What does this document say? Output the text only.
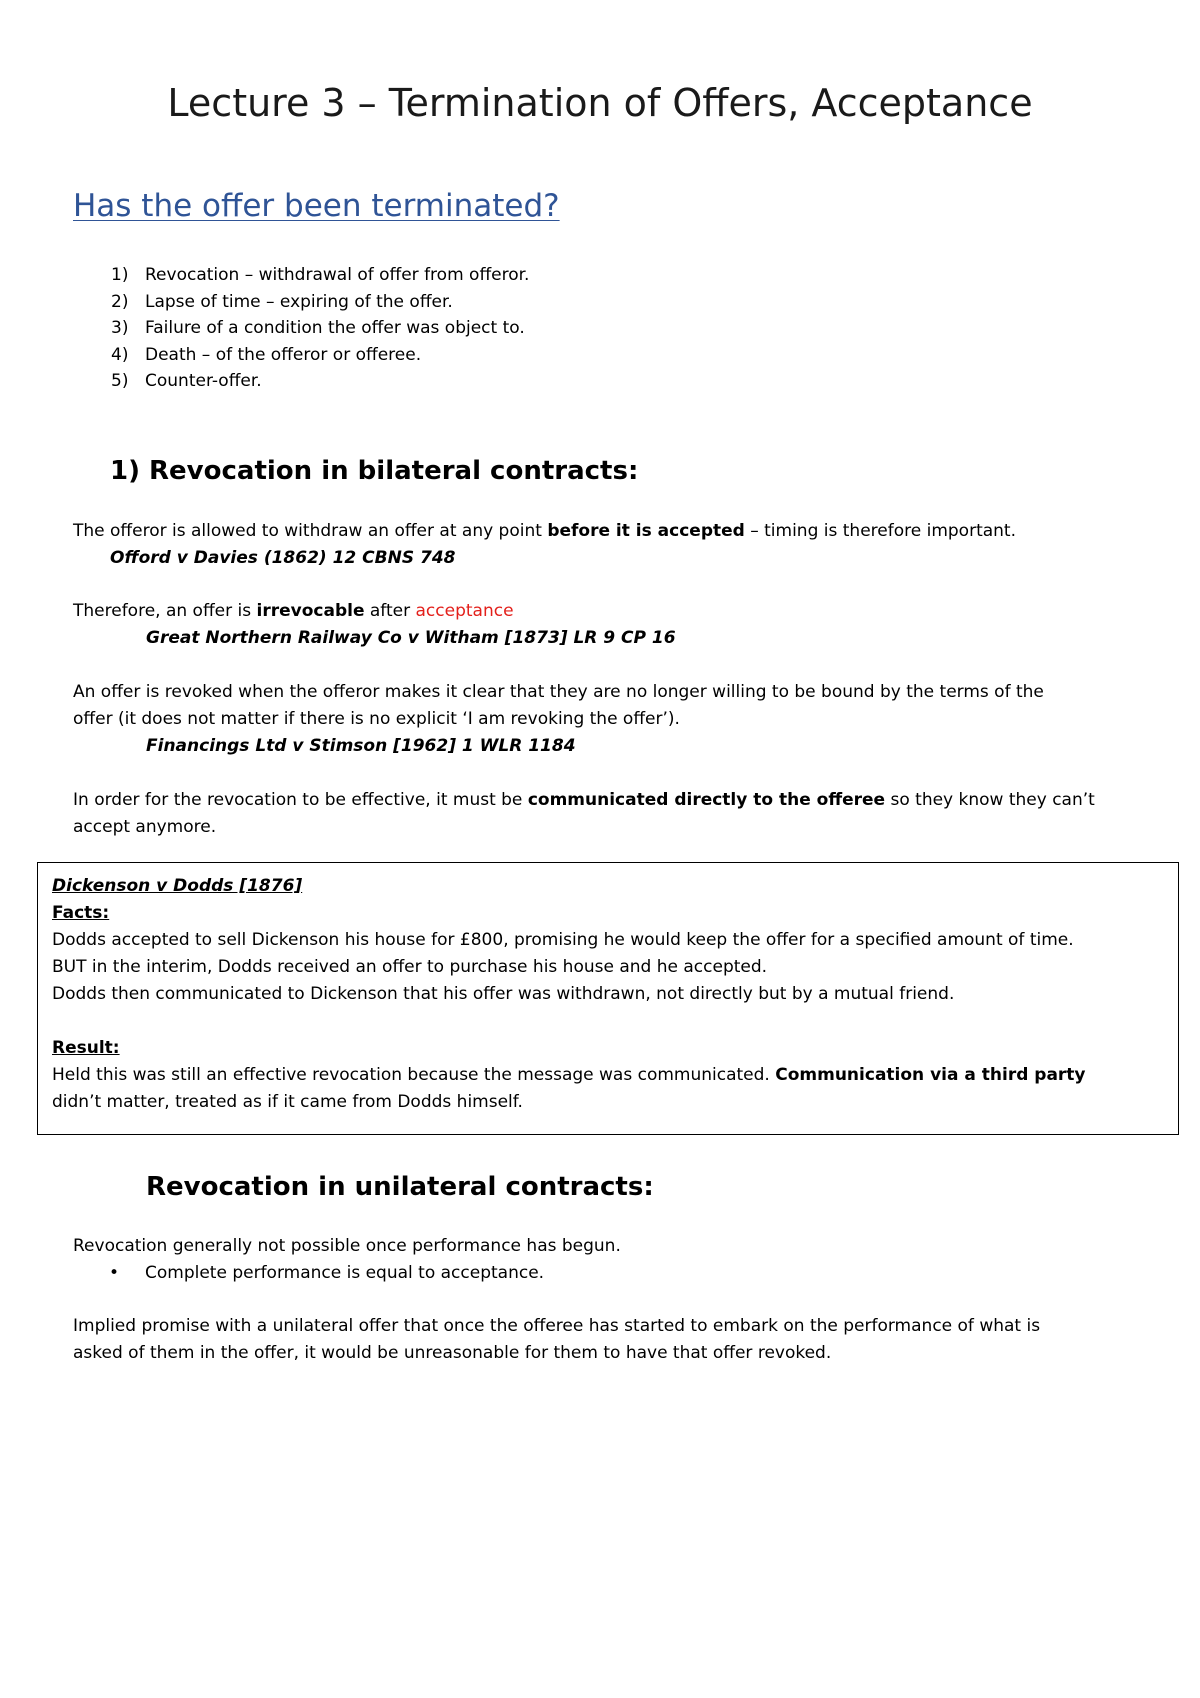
Lecture 3 – Termination of Offers, Acceptance
Has the offer been terminated?
1) Revocation – withdrawal of offer from offeror.
2) Lapse of time – expiring of the offer.
3) Failure of a condition the offer was object to.
4) Death – of the offeror or offeree.
5) Counter-offer.
1) Revocation in bilateral contracts:
The offeror is allowed to withdraw an offer at any point before it is accepted – timing is therefore important.
Offord v Davies (1862) 12 CBNS 748
Therefore, an offer is irrevocable after acceptance
Great Northern Railway Co v Witham [1873] LR 9 CP 16
An offer is revoked when the offeror makes it clear that they are no longer willing to be bound by the terms of the
offer (it does not matter if there is no explicit ‘I am revoking the offer’).
Financings Ltd v Stimson [1962] 1 WLR 1184
In order for the revocation to be effective, it must be communicated directly to the offeree so they know they can’t
accept anymore.
Dickenson v Dodds [1876]
Facts:
Dodds accepted to sell Dickenson his house for £800, promising he would keep the offer for a specified amount of time.
BUT in the interim, Dodds received an offer to purchase his house and he accepted.
Dodds then communicated to Dickenson that his offer was withdrawn, not directly but by a mutual friend.
Result:
Held this was still an effective revocation because the message was communicated. Communication via a third party
didn’t matter, treated as if it came from Dodds himself.
Revocation in unilateral contracts:
Revocation generally not possible once performance has begun.
• Complete performance is equal to acceptance.
Implied promise with a unilateral offer that once the offeree has started to embark on the performance of what is
asked of them in the offer, it would be unreasonable for them to have that offer revoked.
